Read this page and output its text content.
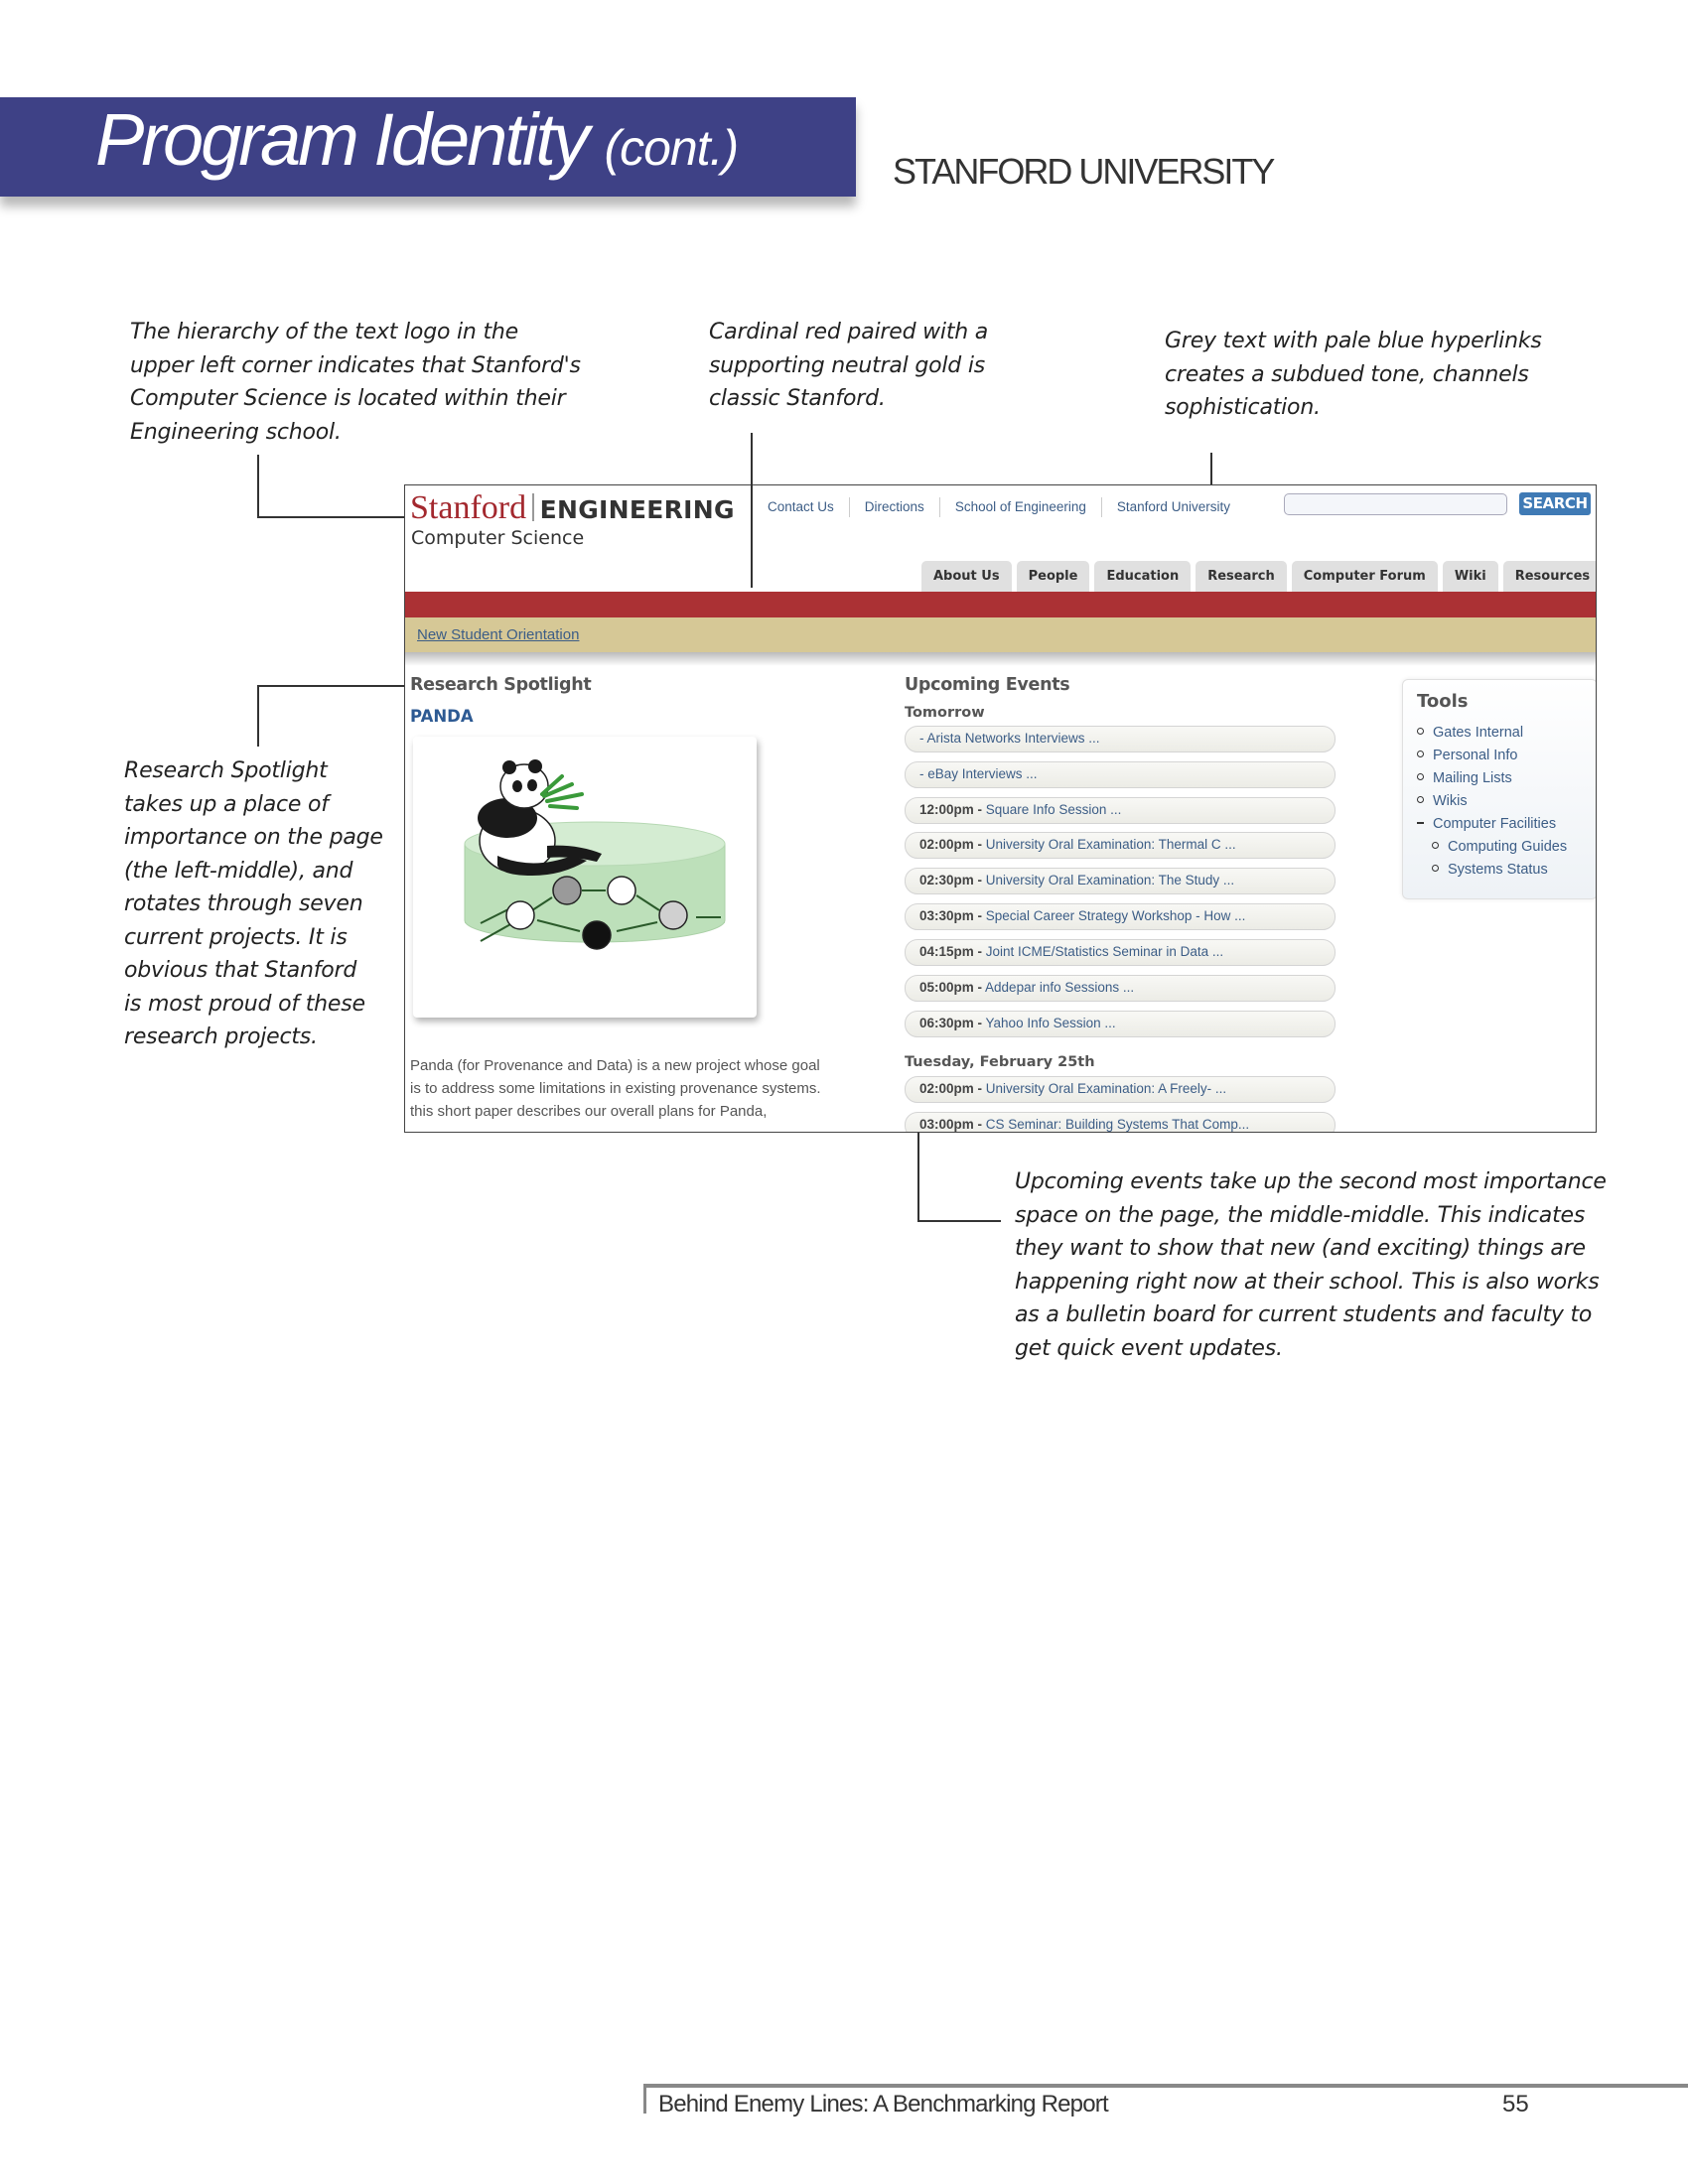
Program Identity (cont.)	STANFORD UNIVERSITY
The hierarchy of the text logo in the
upper left corner indicates that Stanford's
Computer Science is located within their
Engineering school.
Cardinal red paired with a
supporting neutral gold is
classic Stanford.
Grey text with pale blue hyperlinks
creates a subdued tone, channels
sophistication.
Research Spotlight
takes up a place of
importance on the page
(the left-middle), and
rotates through seven
current projects. It is
obvious that Stanford
is most proud of these
research projects.
Stanford ENGINEERING
Computer Science
Contact Us	Directions	School of Engineering	Stanford University	SEARCH
About Us	People	Education	Research	Computer Forum	Wiki	Resources
New Student Orientation
Research Spotlight
PANDA
Panda (for Provenance and Data) is a new project whose goal
is to address some limitations in existing provenance systems.
this short paper describes our overall plans for Panda,
Upcoming Events
Tomorrow
- Arista Networks Interviews ...
- eBay Interviews ...
12:00pm - Square Info Session ...
02:00pm - University Oral Examination: Thermal C ...
02:30pm - University Oral Examination: The Study ...
03:30pm - Special Career Strategy Workshop - How ...
04:15pm - Joint ICME/Statistics Seminar in Data ...
05:00pm - Addepar info Sessions ...
06:30pm - Yahoo Info Session ...
Tuesday, February 25th
02:00pm - University Oral Examination: A Freely- ...
03:00pm - CS Seminar: Building Systems That Comp...
Tools
Gates Internal
Personal Info
Mailing Lists
Wikis
Computer Facilities
Computing Guides
Systems Status
Upcoming events take up the second most importance
space on the page, the middle-middle. This indicates
they want to show that new (and exciting) things are
happening right now at their school. This is also works
as a bulletin board for current students and faculty to
get quick event updates.
Behind Enemy Lines: A Benchmarking Report	55
